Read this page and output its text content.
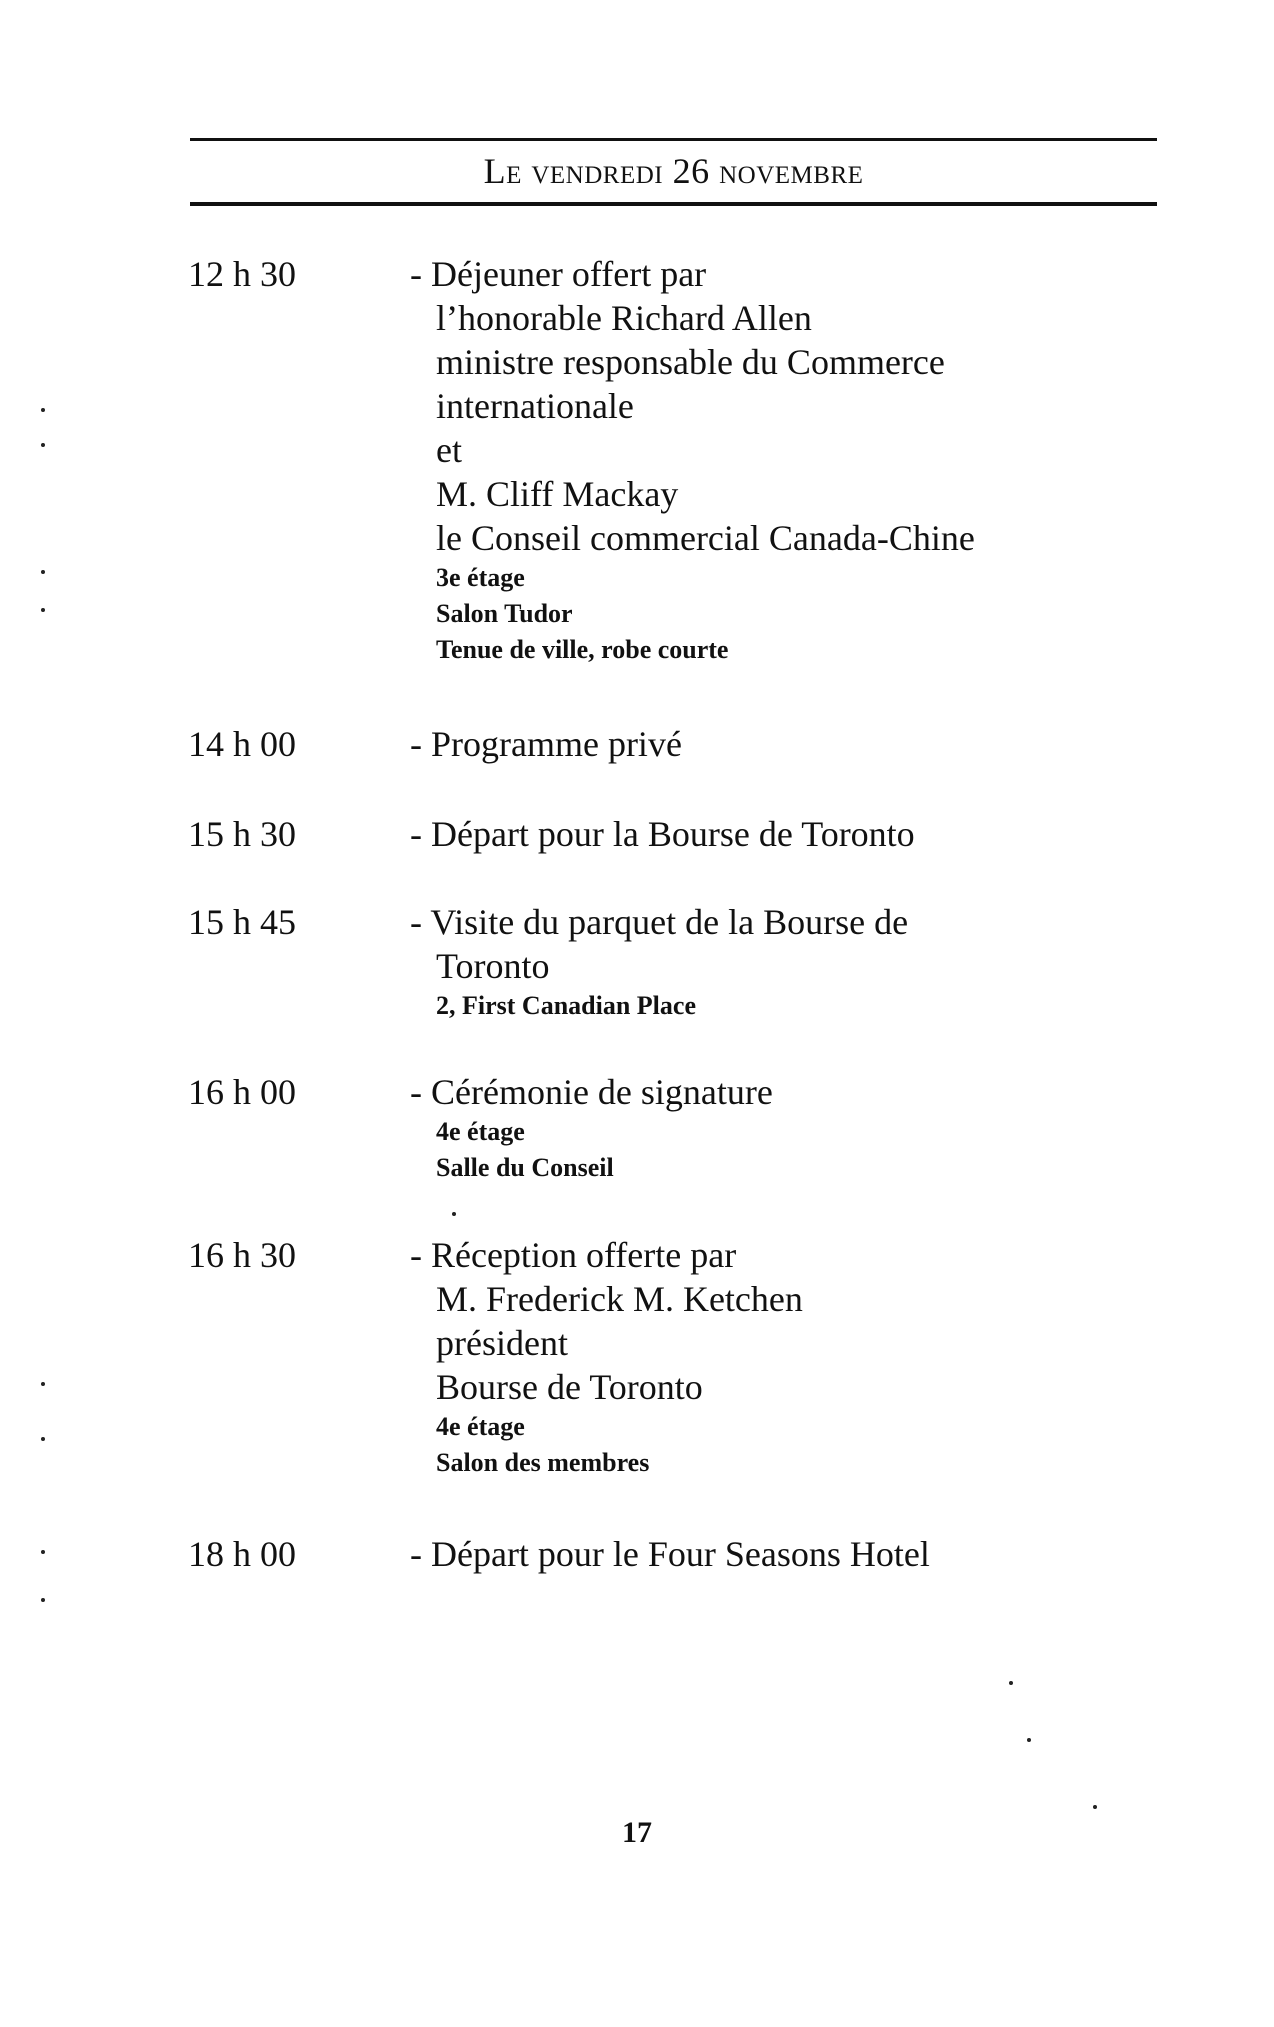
Le vendredi 26 novembre
12 h 30	- Déjeuner offert par
l’honorable Richard Allen
ministre responsable du Commerce
internationale
et
M. Cliff Mackay
le Conseil commercial Canada-Chine
3e étage
Salon Tudor
Tenue de ville, robe courte
14 h 00	- Programme privé
15 h 30	- Départ pour la Bourse de Toronto
15 h 45	- Visite du parquet de la Bourse de
Toronto
2, First Canadian Place
16 h 00	- Cérémonie de signature
4e étage
Salle du Conseil
16 h 30	- Réception offerte par
M. Frederick M. Ketchen
président
Bourse de Toronto
4e étage
Salon des membres
18 h 00	- Départ pour le Four Seasons Hotel
17
